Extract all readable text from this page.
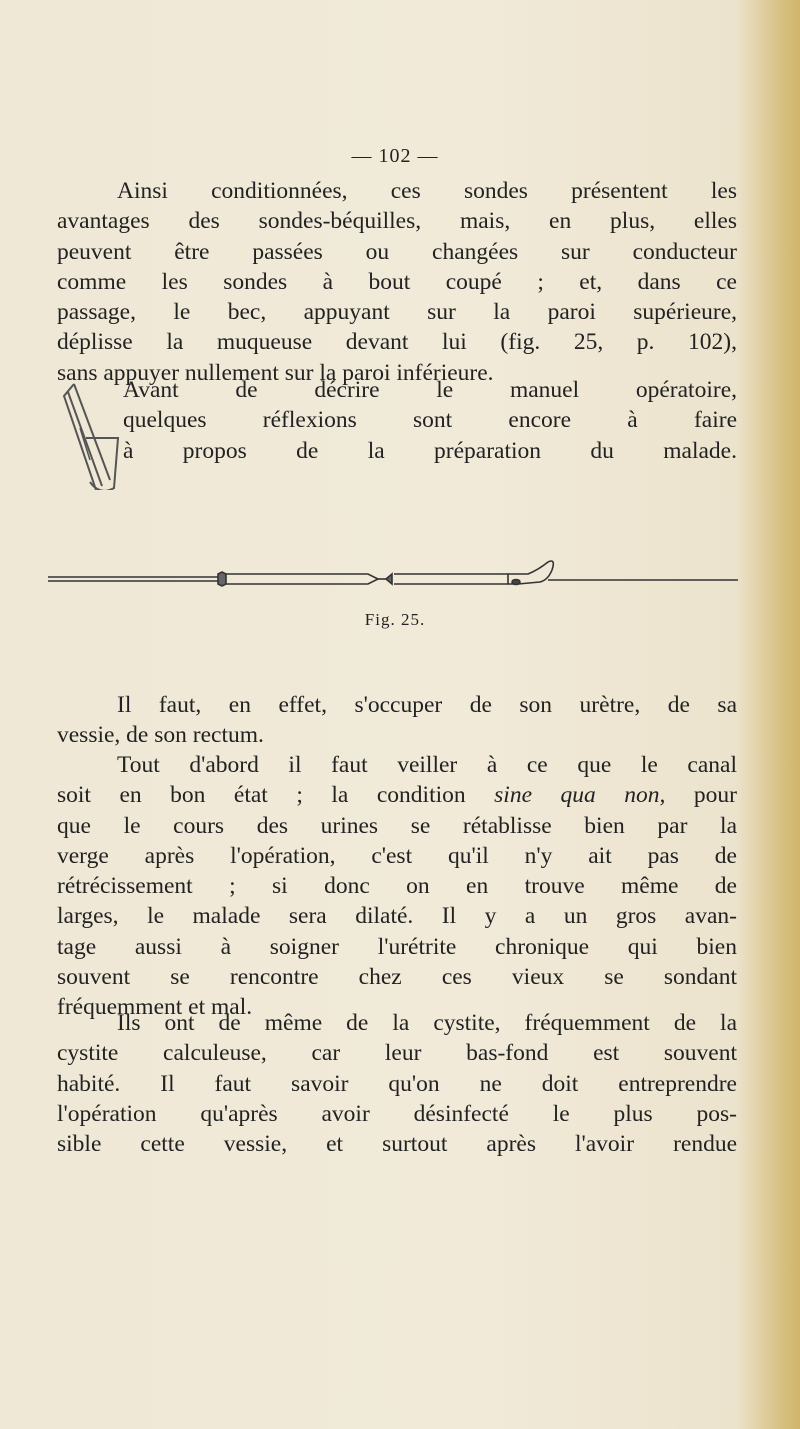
— 102 —
Ainsi conditionnées, ces sondes présentent les
avantages des sondes-béquilles, mais, en plus, elles
peuvent être passées ou changées sur conducteur
comme les sondes à bout coupé ; et, dans ce
passage, le bec, appuyant sur la paroi supérieure,
déplisse la muqueuse devant lui (fig. 25, p. 102),
sans appuyer nullement sur la paroi inférieure.
Avant de décrire le manuel opératoire,
quelques réflexions sont encore à faire
à propos de la préparation du malade.
Fig. 25.
Il faut, en effet, s'occuper de son urètre, de sa
vessie, de son rectum.
Tout d'abord il faut veiller à ce que le canal
soit en bon état ; la condition sine qua non, pour
que le cours des urines se rétablisse bien par la
verge après l'opération, c'est qu'il n'y ait pas de
rétrécissement ; si donc on en trouve même de
larges, le malade sera dilaté. Il y a un gros avan-
tage aussi à soigner l'urétrite chronique qui bien
souvent se rencontre chez ces vieux se sondant
fréquemment et mal.
Ils ont de même de la cystite, fréquemment de la
cystite calculeuse, car leur bas-fond est souvent
habité. Il faut savoir qu'on ne doit entreprendre
l'opération qu'après avoir désinfecté le plus pos-
sible cette vessie, et surtout après l'avoir rendue
